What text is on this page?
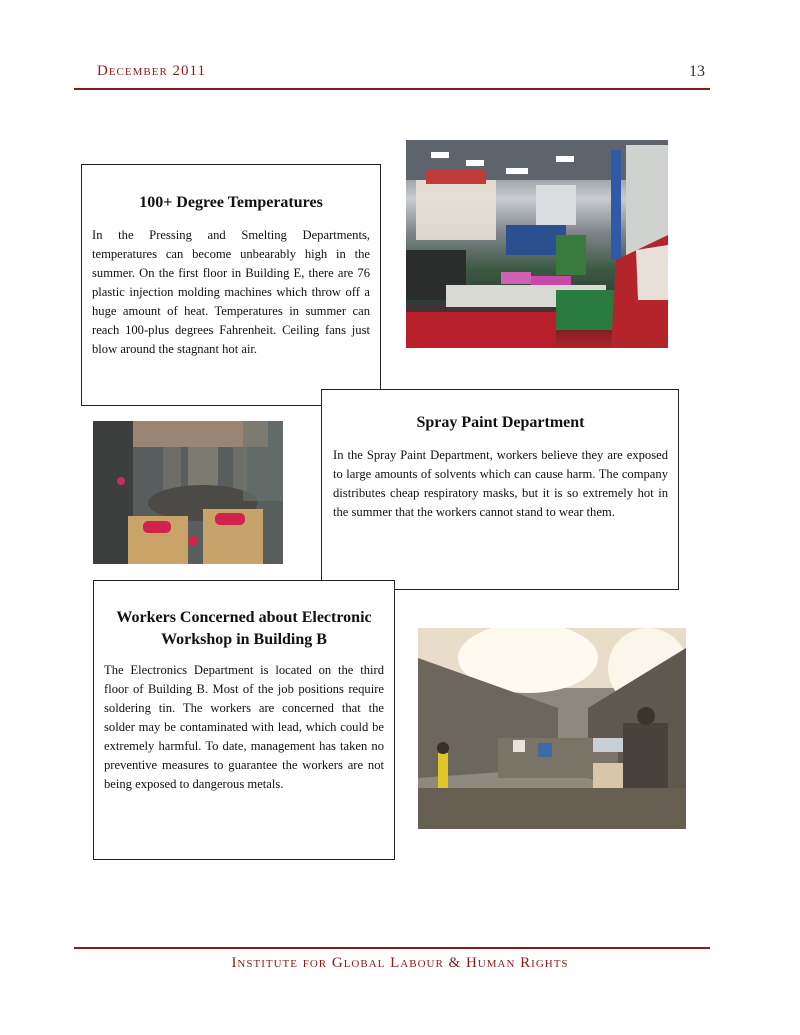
December 2011	13
100+ Degree Temperatures

In the Pressing and Smelting Departments, temperatures can become unbearably high in the summer. On the first floor in Building E, there are 76 plastic injection molding machines which throw off a huge amount of heat. Temperatures in summer can reach 100-plus degrees Fahrenheit. Ceiling fans just blow around the stagnant hot air.

Spray Paint Department

In the Spray Paint Department, workers believe they are exposed to large amounts of solvents which can cause harm. The company distributes cheap respiratory masks, but it is so extremely hot in the summer that the workers cannot stand to wear them.

Workers Concerned about Electronic Workshop in Building B

The Electronics Department is located on the third floor of Building B. Most of the job positions require soldering tin. The workers are concerned that the solder may be contaminated with lead, which could be extremely harmful. To date, management has taken no preventive measures to guarantee the workers are not being exposed to dangerous metals.

Institute for Global Labour & Human Rights
